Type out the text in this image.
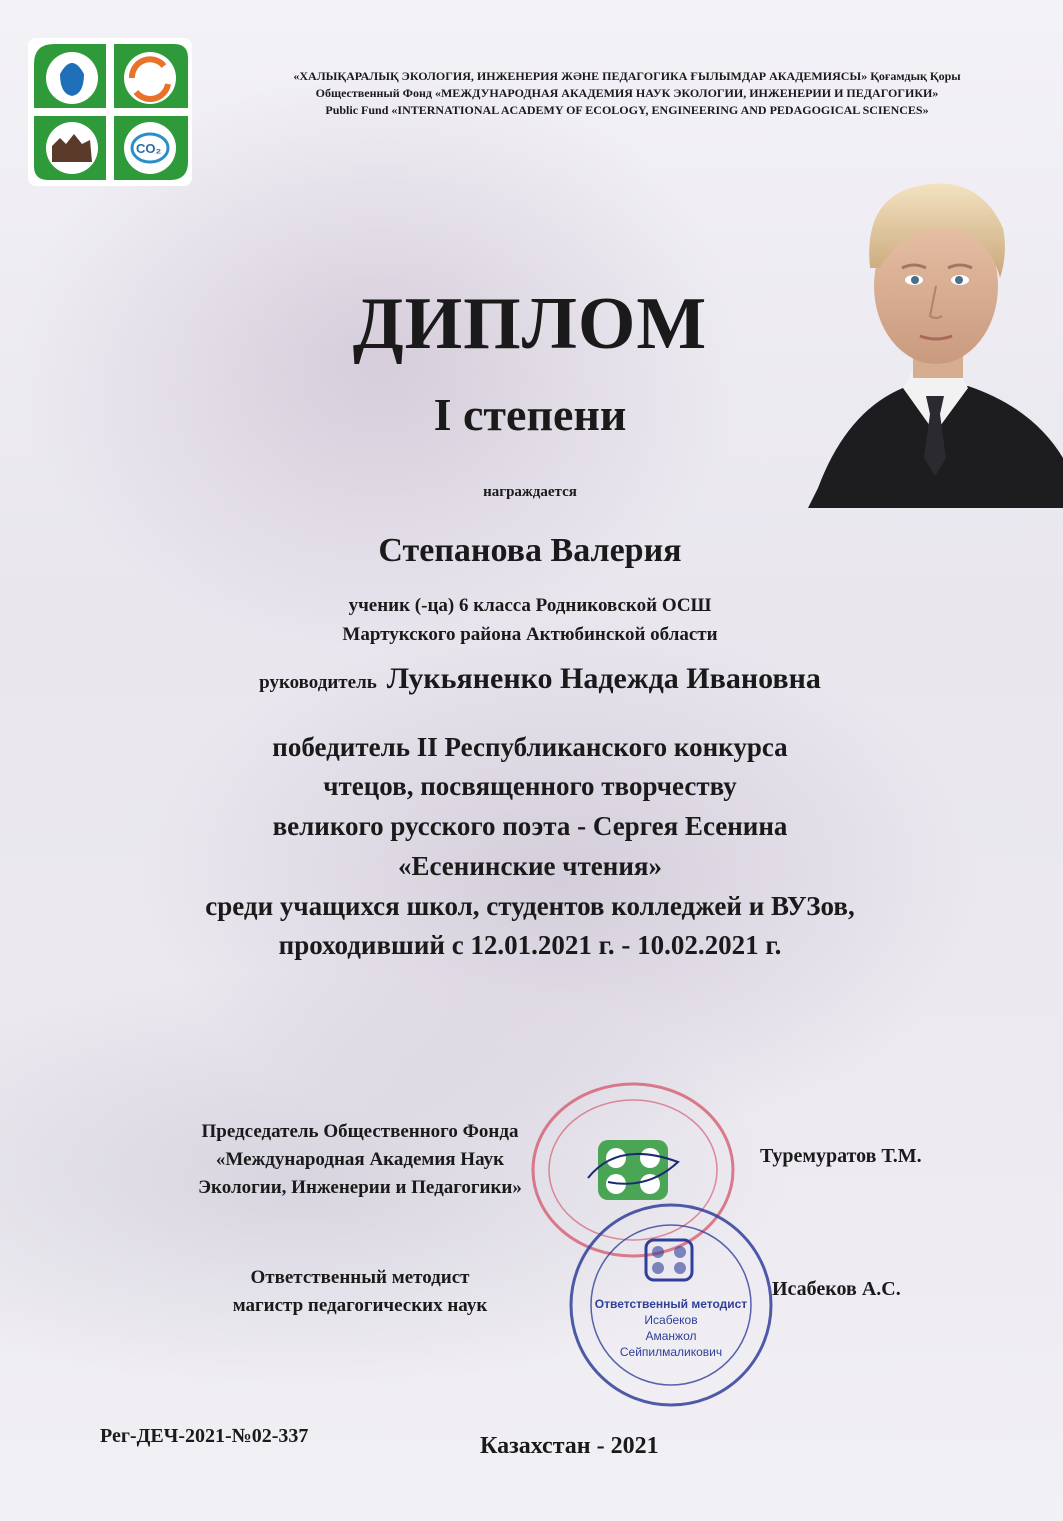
CO₂
«ХАЛЫҚАРАЛЫҚ ЭКОЛОГИЯ, ИНЖЕНЕРИЯ ЖӘНЕ ПЕДАГОГИКА ҒЫЛЫМДАР АКАДЕМИЯСЫ» Қоғамдық Қоры
Общественный Фонд «МЕЖДУНАРОДНАЯ АКАДЕМИЯ НАУК ЭКОЛОГИИ, ИНЖЕНЕРИИ И ПЕДАГОГИКИ»
Public Fund «INTERNATIONAL ACADEMY OF ECOLOGY, ENGINEERING AND PEDAGOGICAL SCIENCES»
ДИПЛОМ
I степени
награждается
Степанова Валерия
ученик (-ца) 6 класса Родниковской ОСШ
Мартукского района Актюбинской области
руководитель Лукьяненко Надежда Ивановна
победитель II Республиканского конкурса
чтецов, посвященного творчеству
великого русского поэта - Сергея Есенина
«Есенинские чтения»
среди учащихся школ, студентов колледжей и ВУЗов,
проходивший с 12.01.2021 г. - 10.02.2021 г.
Ответственный методист
Исабеков
Аманжол
Сейпилмаликович
Председатель Общественного Фонда
«Международная Академия Наук
Экологии, Инженерии и Педагогики»
Туремуратов Т.М.
Ответственный методист
магистр педагогических наук
Исабеков А.С.
Рег-ДЕЧ-2021-№02-337	Казахстан - 2021
